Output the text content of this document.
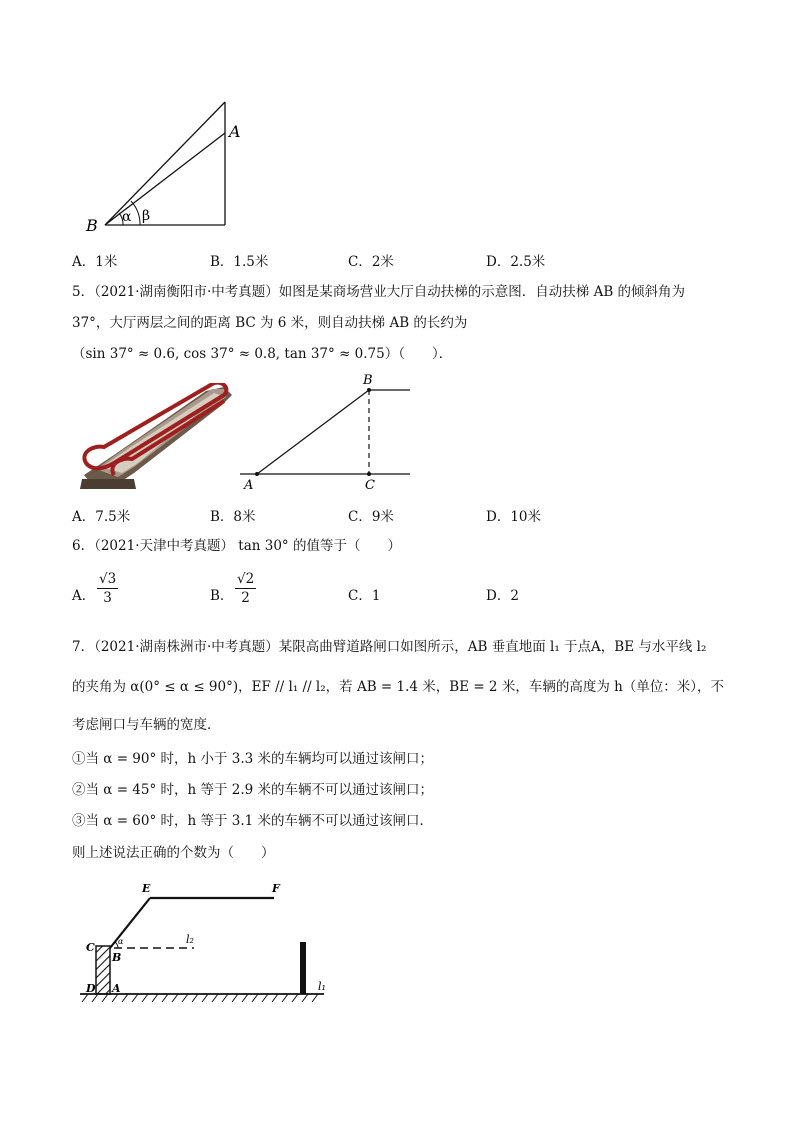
A
B α β
A．1米	B．1.5米	C．2米	D．2.5米
5．（2021·湖南衡阳市·中考真题）如图是某商场营业大厅自动扶梯的示意图．自动扶梯 AB 的倾斜角为
37°，大厅两层之间的距离 BC 为 6 米，则自动扶梯 AB 的长约为
（sin 37° ≈ 0.6, cos 37° ≈ 0.8, tan 37° ≈ 0.75）（　　）．
A
B
C
A．7.5米	B．8米	C．9米	D．10米
6．（2021·天津中考真题） tan 30° 的值等于（　　）
A． $\frac{√3}{3}$	B． $\frac{√2}{2}$	C．1	D．2
7．（2021·湖南株洲市·中考真题）某限高曲臂道路闸口如图所示，AB 垂直地面 l₁ 于点A，BE 与水平线 l₂
的夹角为 α(0° ≤ α ≤ 90°)，EF // l₁ // l₂，若 AB = 1.4 米，BE = 2 米，车辆的高度为 h（单位：米），不
考虑闸口与车辆的宽度．
①当 α = 90° 时，h 小于 3.3 米的车辆均可以通过该闸口；
②当 α = 45° 时，h 等于 2.9 米的车辆不可以通过该闸口；
③当 α = 60° 时，h 等于 3.1 米的车辆不可以通过该闸口．
则上述说法正确的个数为（　　）
E	F
C
B
α	l₂
D A	l₁
